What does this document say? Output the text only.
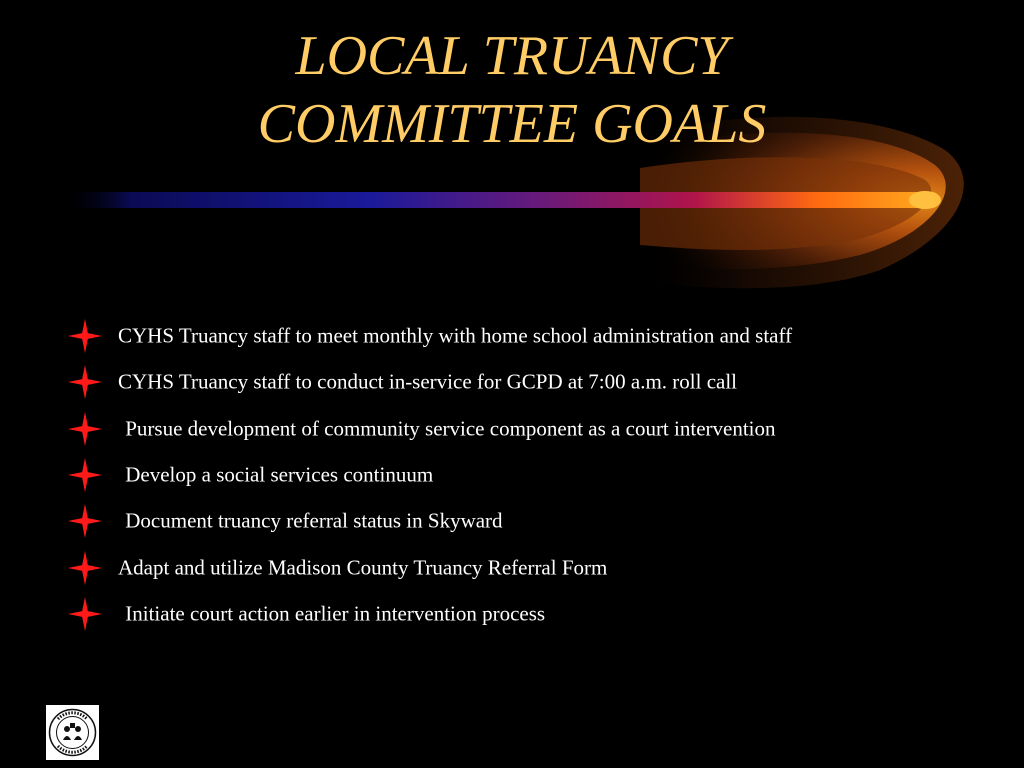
LOCAL TRUANCY
COMMITTEE GOALS
CYHS Truancy staff to meet monthly with home school administration and staff
CYHS Truancy staff to conduct in-service for GCPD at 7:00 a.m. roll call
Pursue development of community service component as a court intervention
Develop a social services continuum
Document truancy referral status in Skyward
Adapt and utilize Madison County Truancy Referral Form
Initiate court action earlier in intervention process
